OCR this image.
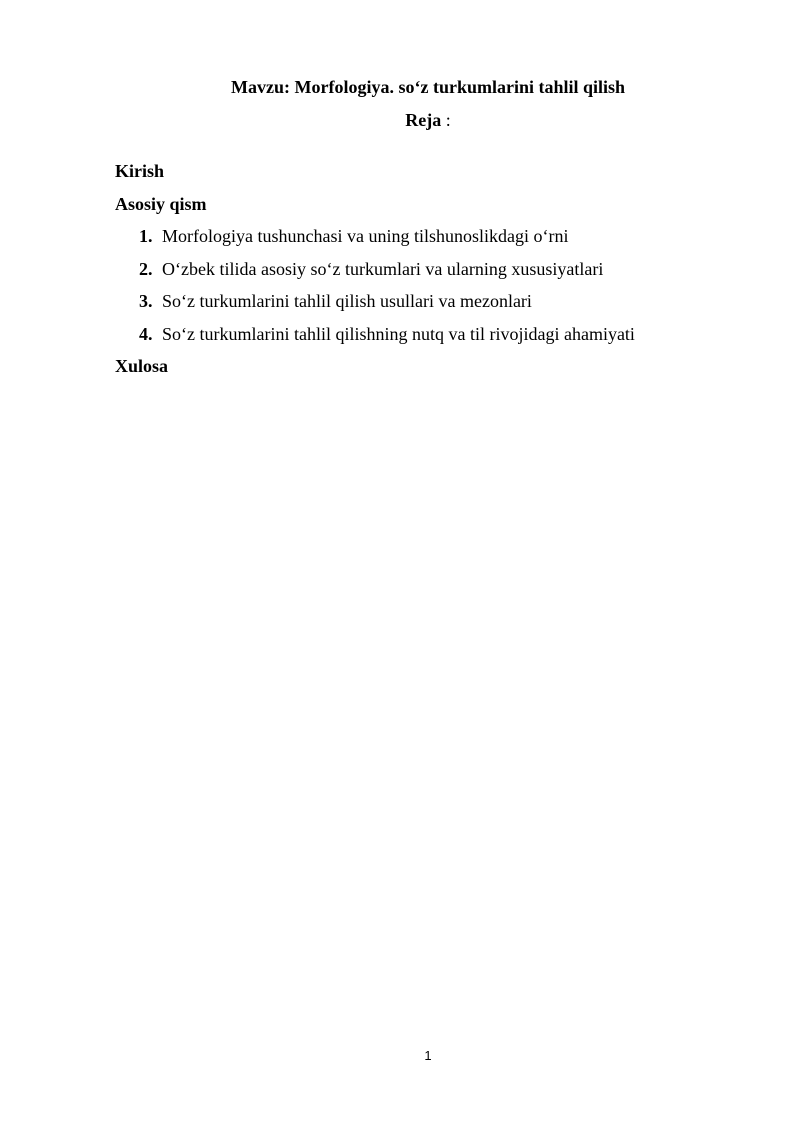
Mavzu: Morfologiya. so‘z turkumlarini tahlil qilish
Reja :
Kirish
Asosiy qism
1. Morfologiya tushunchasi va uning tilshunoslikdagi o‘rni
2. O‘zbek tilida asosiy so‘z turkumlari va ularning xususiyatlari
3. So‘z turkumlarini tahlil qilish usullari va mezonlari
4. So‘z turkumlarini tahlil qilishning nutq va til rivojidagi ahamiyati
Xulosa
1
